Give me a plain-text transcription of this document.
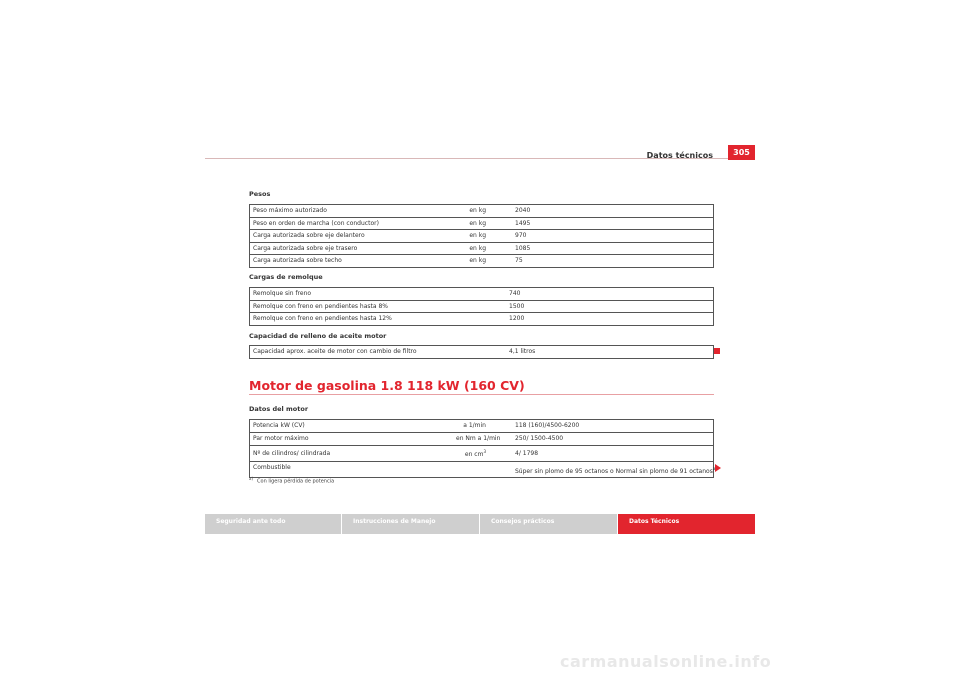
Datos técnicos	305
Pesos
Peso máximo autorizado	en kg	2040
Peso en orden de marcha (con conductor)	en kg	1495
Carga autorizada sobre eje delantero	en kg	970
Carga autorizada sobre eje trasero	en kg	1085
Carga autorizada sobre techo	en kg	75
Cargas de remolque
Remolque sin freno	740
Remolque con freno en pendientes hasta 8%	1500
Remolque con freno en pendientes hasta 12%	1200
Capacidad de relleno de aceite motor
Capacidad aprox. aceite de motor con cambio de filtro	4,1 litros
Motor de gasolina 1.8 118 kW (160 CV)
Datos del motor
Potencia kW (CV)	a 1/min	118 (160)/4500-6200
Par motor máximo	en Nm a 1/min	250/ 1500-4500
Nº de cilindros/ cilindrada	en $cm^3$	4/ 1798
Combustible		Súper sin plomo de 95 octanos o Normal sin plomo de 91 octanos$^{a)}$
$^{a)}$Con ligera pérdida de potencia
Seguridad ante todo	Instrucciones de Manejo	Consejos prácticos	Datos Técnicos
carmanualsonline.info
